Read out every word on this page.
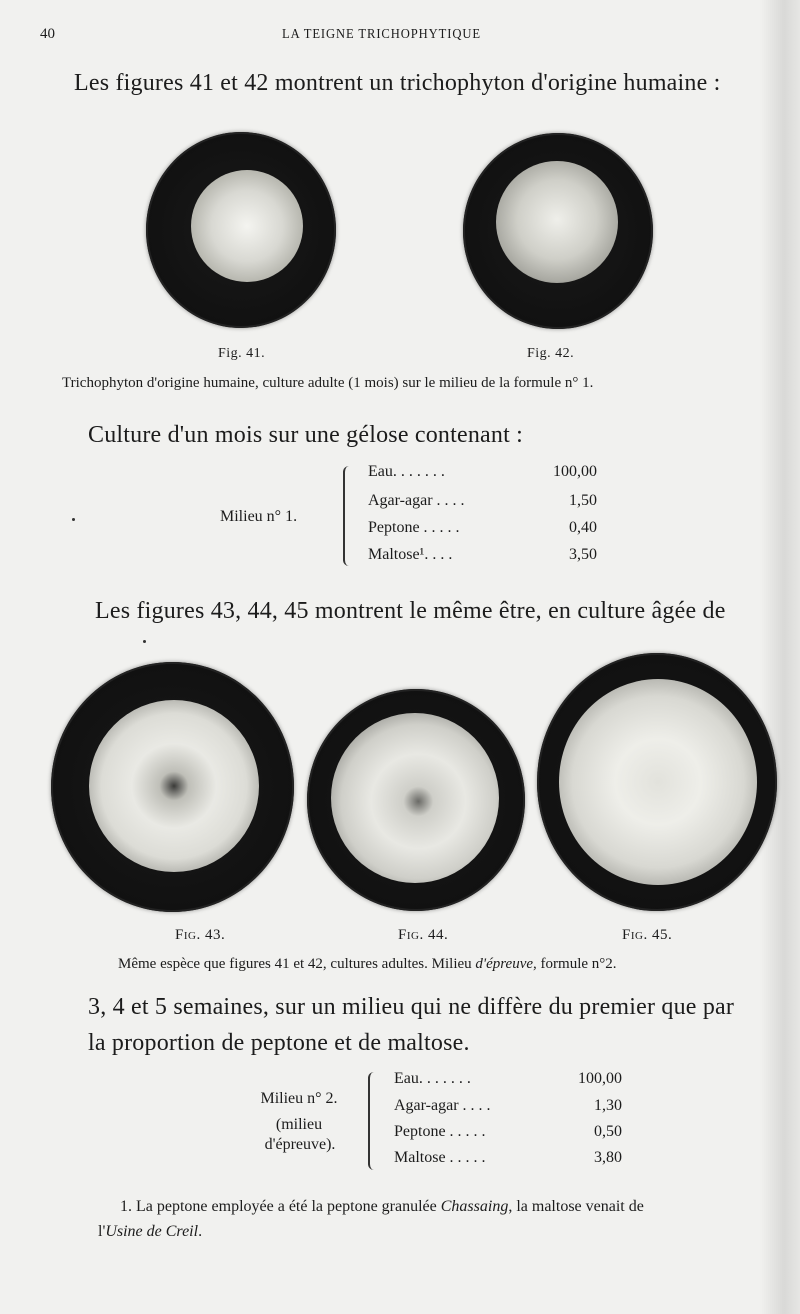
40	LA TEIGNE TRICHOPHYTIQUE
Les figures 41 et 42 montrent un trichophyton d'origine humaine :
Fig. 41.	Fig. 42.
Trichophyton d'origine humaine, culture adulte (1 mois) sur le milieu de la formule n° 1.
Culture d'un mois sur une gélose contenant :
Milieu n° 1.
Eau. . . . . . .	100,00
Agar-agar . . . .	1,50
Peptone . . . . .	0,40
Maltose¹. . . .	3,50
Les figures 43, 44, 45 montrent le même être, en culture âgée de
Fig. 43.	Fig. 44.	Fig. 45.
Même espèce que figures 41 et 42, cultures adultes. Milieu d'épreuve, formule n°2.
3, 4 et 5 semaines, sur un milieu qui ne diffère du premier que par
la proportion de peptone et de maltose.
Milieu n° 2.
(milieu
d'épreuve).
Eau. . . . . . .	100,00
Agar-agar . . . .	1,30
Peptone . . . . .	0,50
Maltose . . . . .	3,80
1. La peptone employée a été la peptone granulée Chassaing, la maltose venait de
l'Usine de Creil.
